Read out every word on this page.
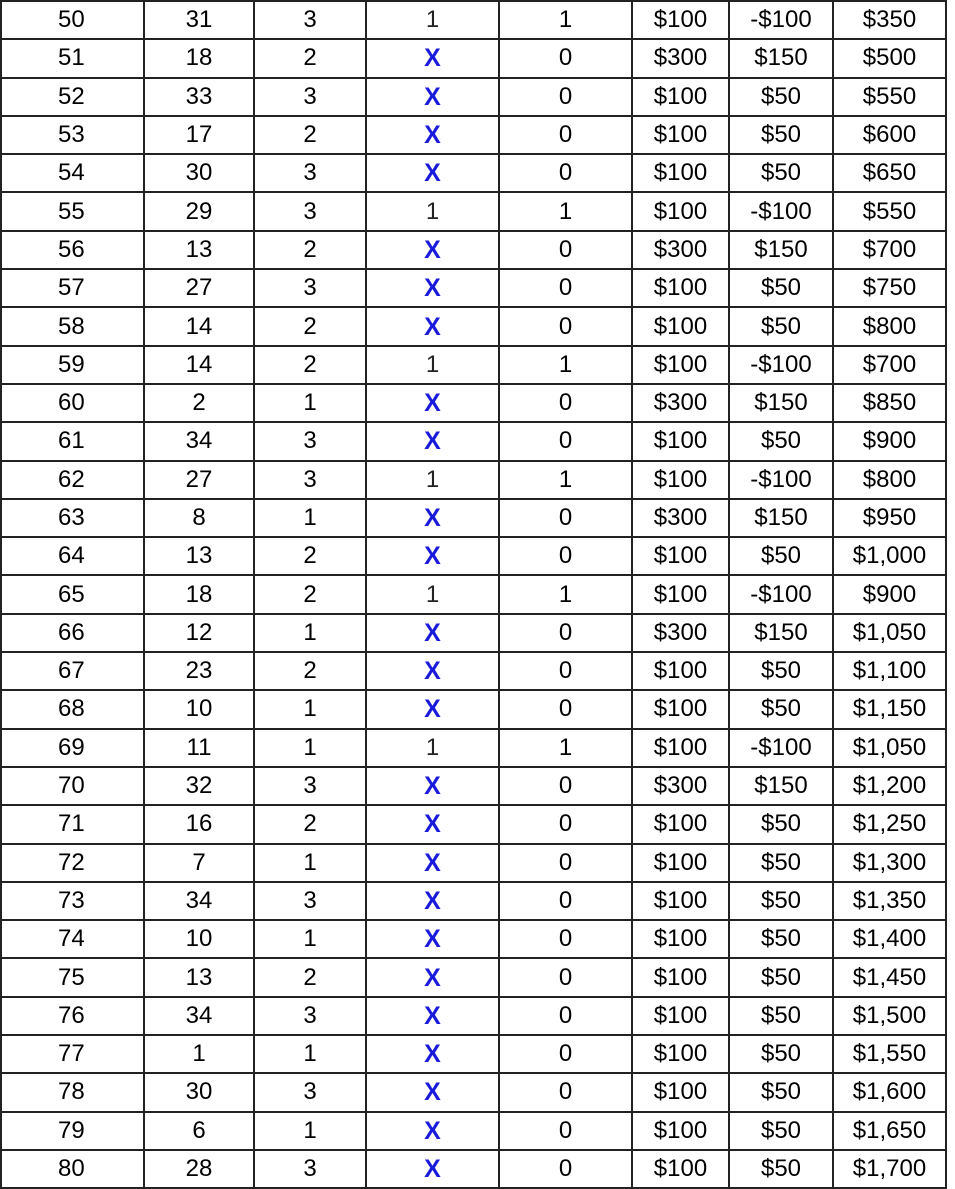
50	31	3	1	1	$100	-$100	$350
51	18	2	X	0	$300	$150	$500
52	33	3	X	0	$100	$50	$550
53	17	2	X	0	$100	$50	$600
54	30	3	X	0	$100	$50	$650
55	29	3	1	1	$100	-$100	$550
56	13	2	X	0	$300	$150	$700
57	27	3	X	0	$100	$50	$750
58	14	2	X	0	$100	$50	$800
59	14	2	1	1	$100	-$100	$700
60	2	1	X	0	$300	$150	$850
61	34	3	X	0	$100	$50	$900
62	27	3	1	1	$100	-$100	$800
63	8	1	X	0	$300	$150	$950
64	13	2	X	0	$100	$50	$1,000
65	18	2	1	1	$100	-$100	$900
66	12	1	X	0	$300	$150	$1,050
67	23	2	X	0	$100	$50	$1,100
68	10	1	X	0	$100	$50	$1,150
69	11	1	1	1	$100	-$100	$1,050
70	32	3	X	0	$300	$150	$1,200
71	16	2	X	0	$100	$50	$1,250
72	7	1	X	0	$100	$50	$1,300
73	34	3	X	0	$100	$50	$1,350
74	10	1	X	0	$100	$50	$1,400
75	13	2	X	0	$100	$50	$1,450
76	34	3	X	0	$100	$50	$1,500
77	1	1	X	0	$100	$50	$1,550
78	30	3	X	0	$100	$50	$1,600
79	6	1	X	0	$100	$50	$1,650
80	28	3	X	0	$100	$50	$1,700
